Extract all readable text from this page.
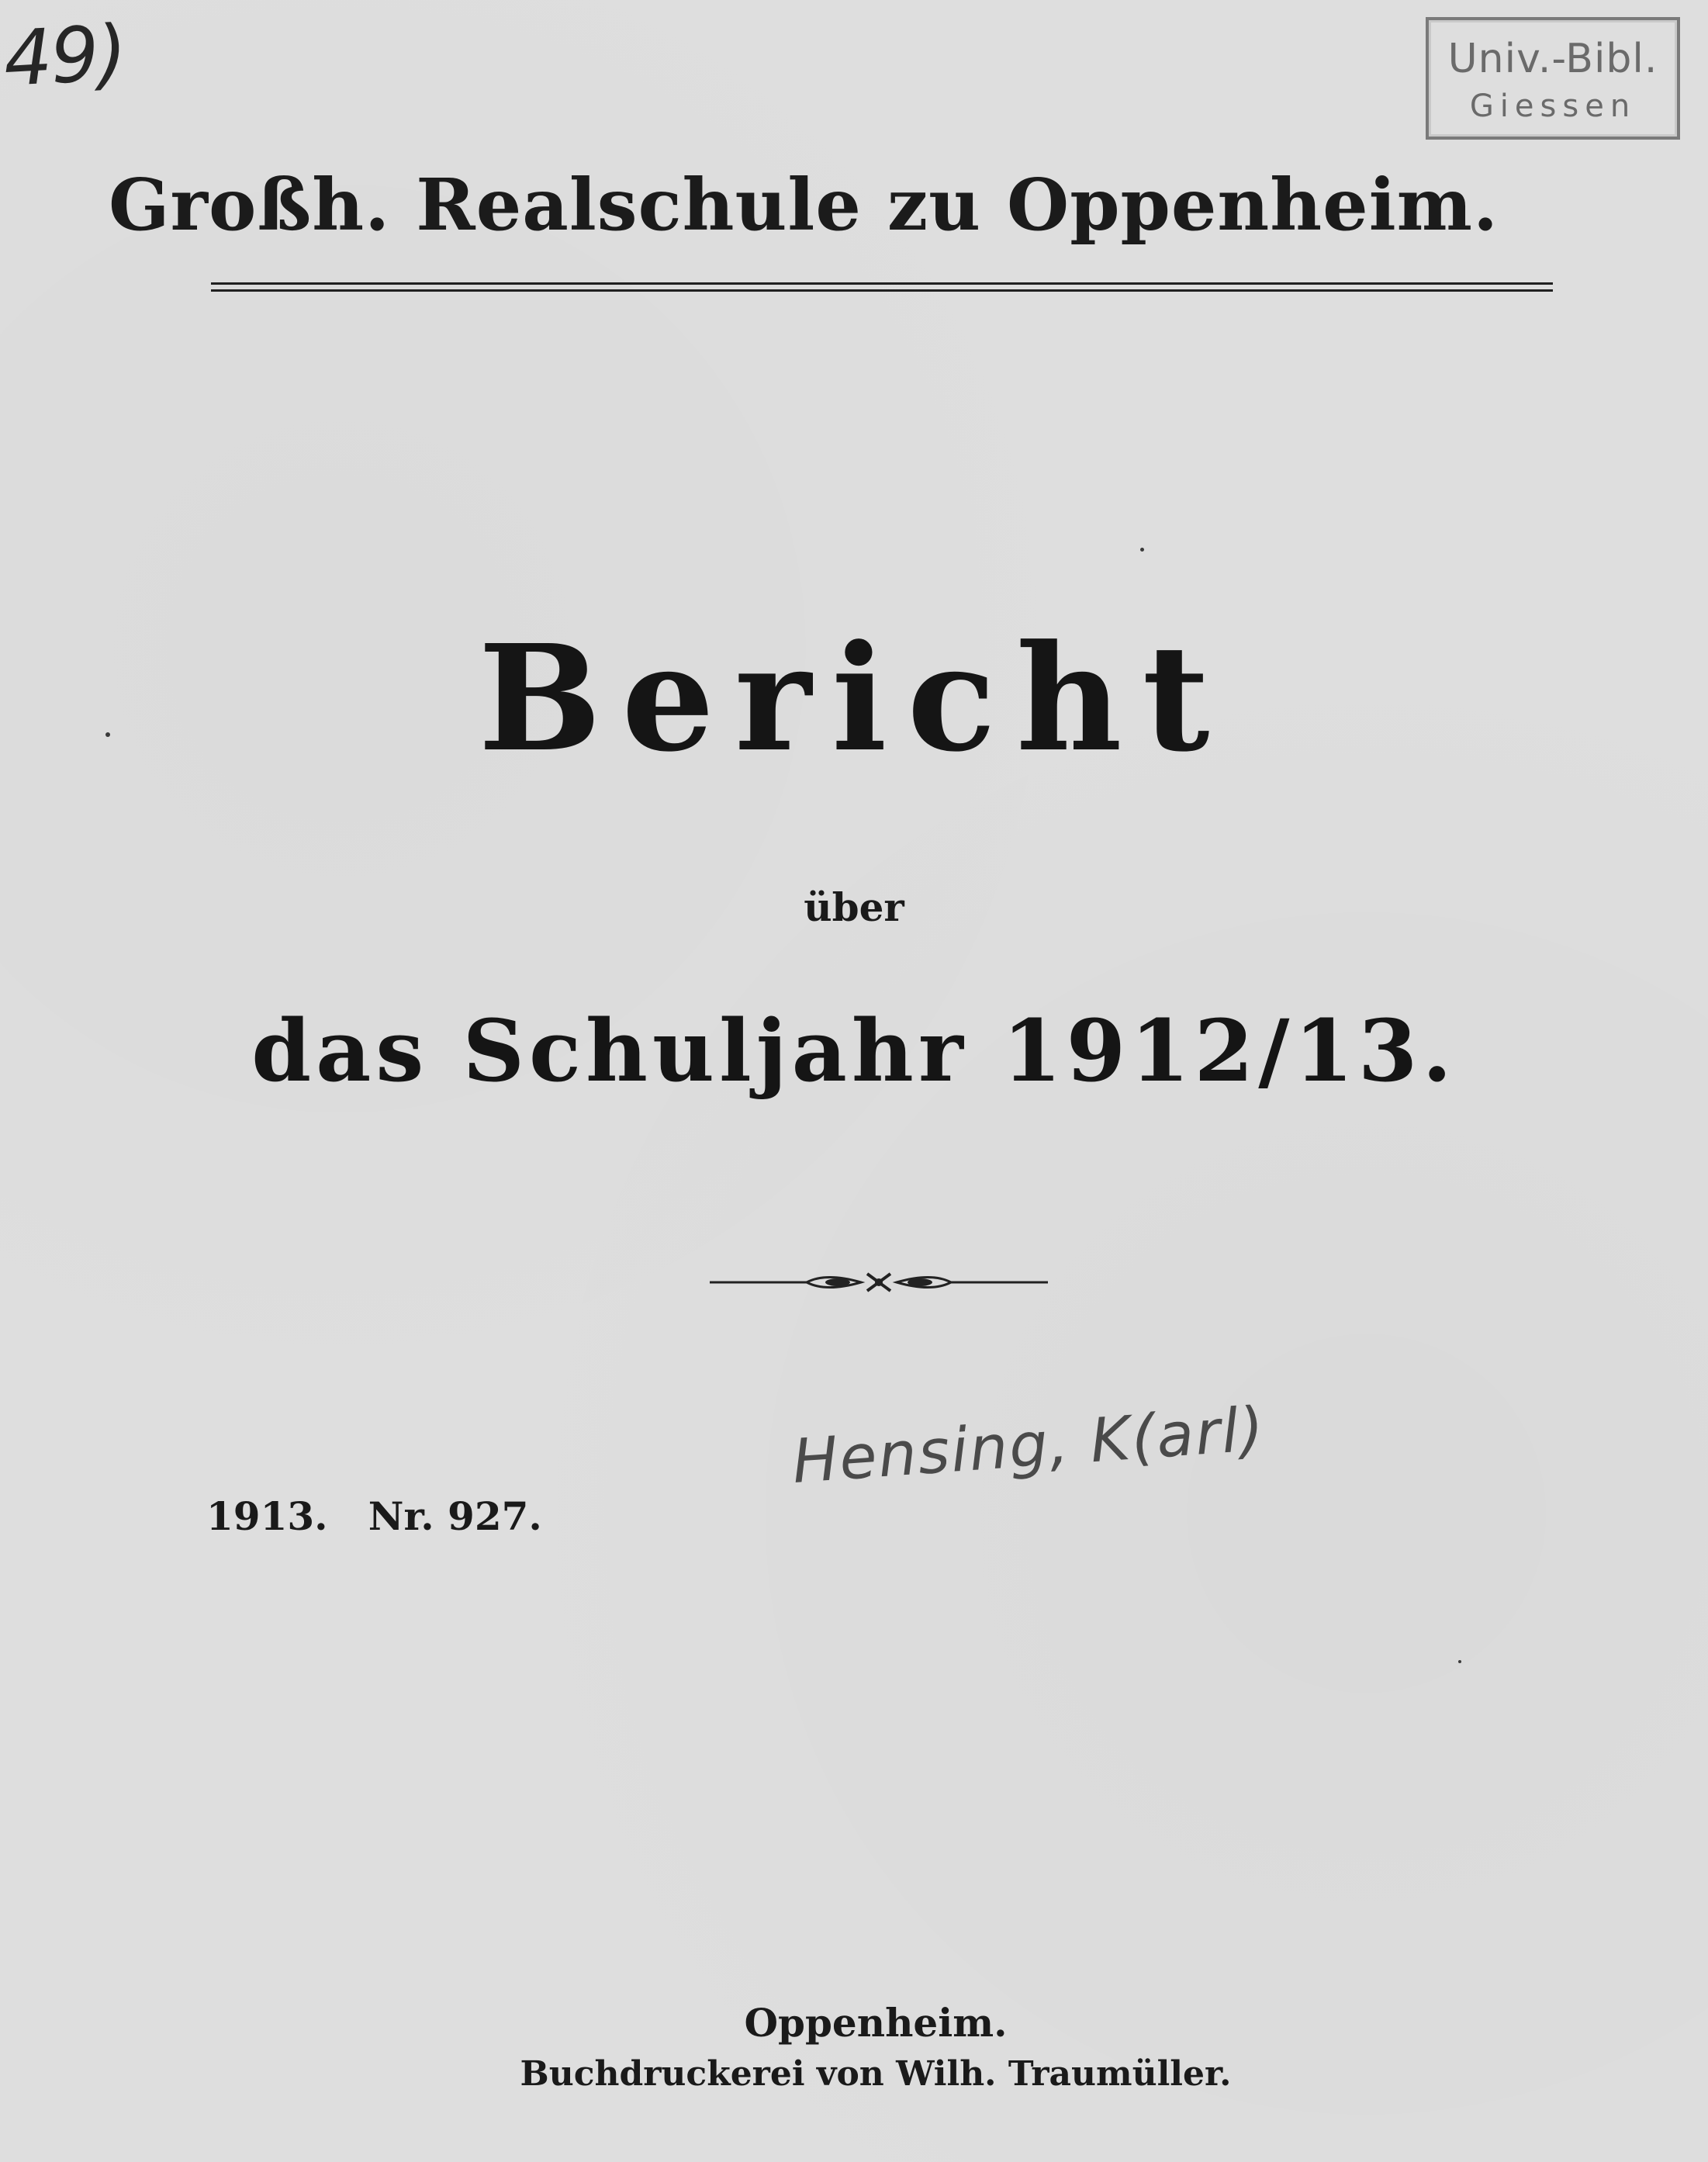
49)	Univ.-Bibl.
Giessen
Großh. Realschule zu Oppenheim.
Bericht
über
das Schuljahr 1912/13.
1913.   Nr. 927.
Hensing, K(arl)
Oppenheim.
Buchdruckerei von Wilh. Traumüller.
